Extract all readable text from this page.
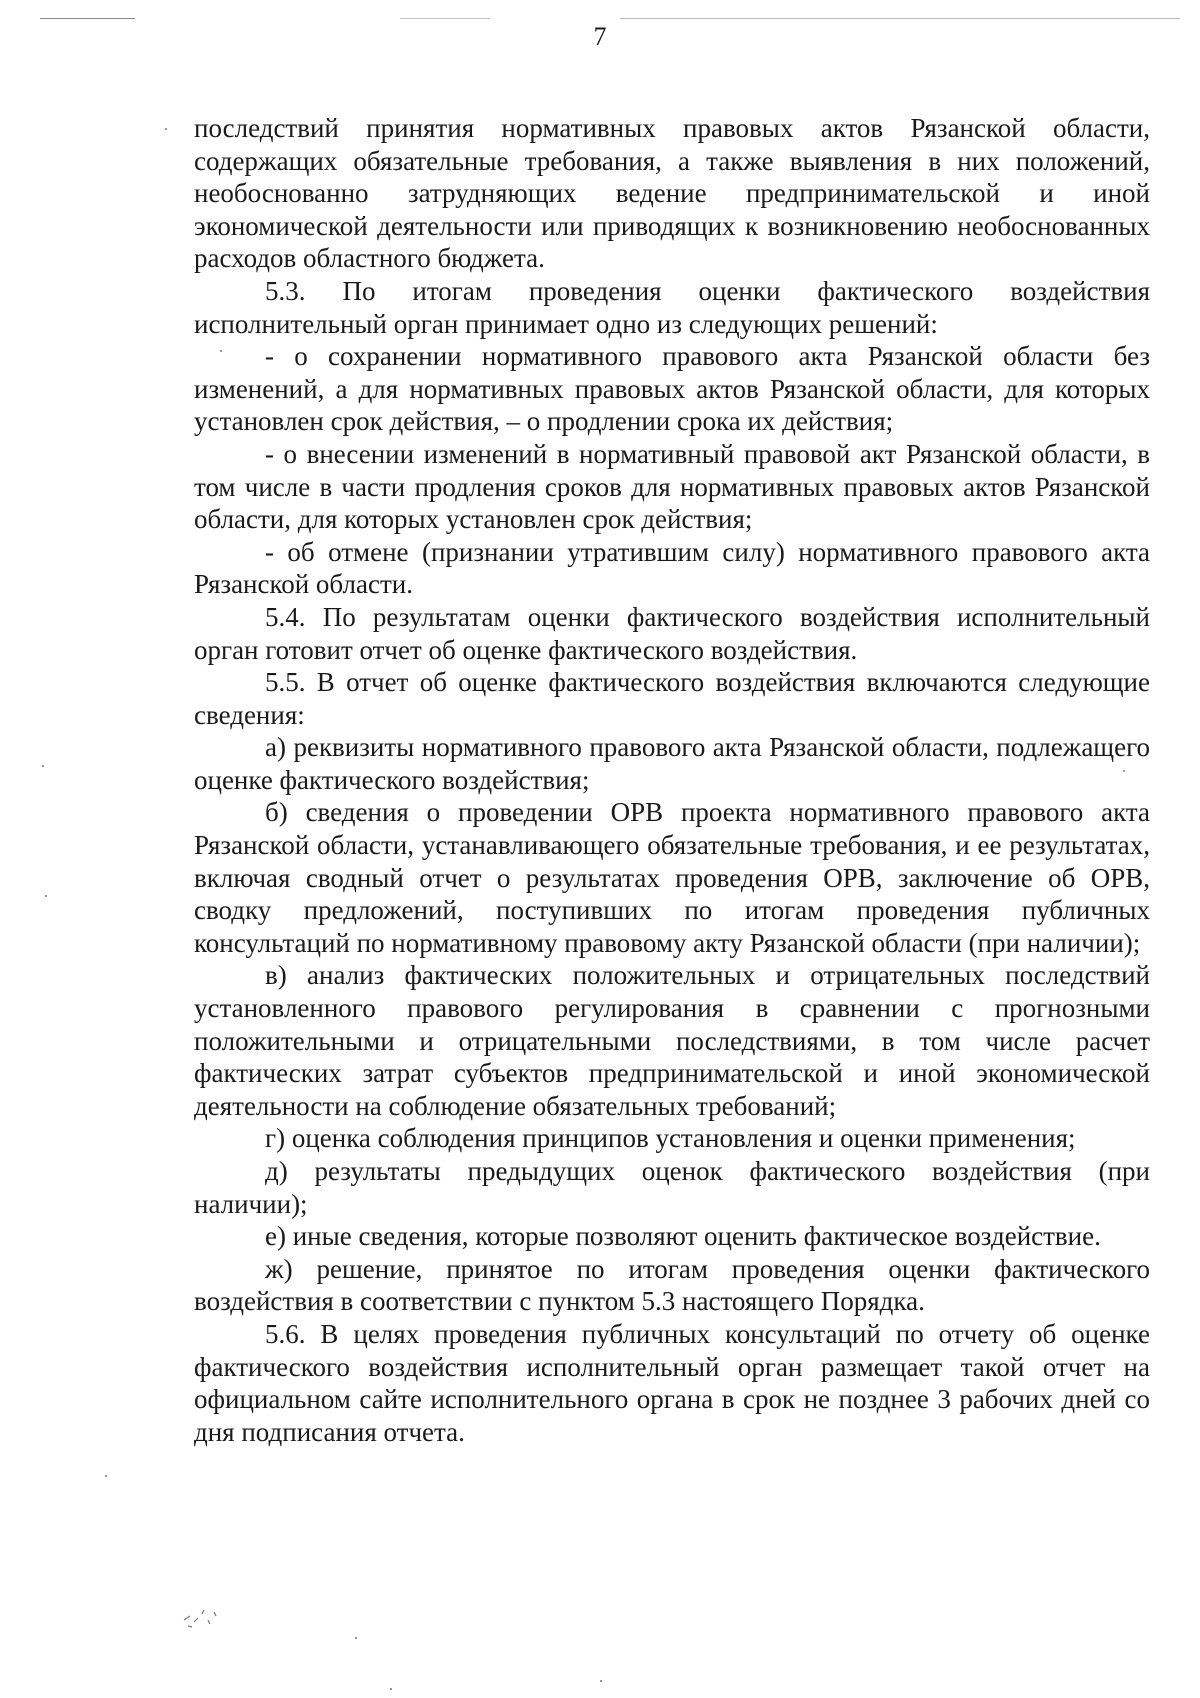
7

последствий принятия нормативных правовых актов Рязанской области, содержащих обязательные требования, а также выявления в них положений, необоснованно затрудняющих ведение предпринимательской и иной экономической деятельности или приводящих к возникновению необоснованных расходов областного бюджета.

5.3. По итогам проведения оценки фактического воздействия исполнительный орган принимает одно из следующих решений:

- о сохранении нормативного правового акта Рязанской области без изменений, а для нормативных правовых актов Рязанской области, для которых установлен срок действия, – о продлении срока их действия;

- о внесении изменений в нормативный правовой акт Рязанской области, в том числе в части продления сроков для нормативных правовых актов Рязанской области, для которых установлен срок действия;

- об отмене (признании утратившим силу) нормативного правового акта Рязанской области.

5.4. По результатам оценки фактического воздействия исполнительный орган готовит отчет об оценке фактического воздействия.

5.5. В отчет об оценке фактического воздействия включаются следующие сведения:

а) реквизиты нормативного правового акта Рязанской области, подлежащего оценке фактического воздействия;

б) сведения о проведении ОРВ проекта нормативного правового акта Рязанской области, устанавливающего обязательные требования, и ее результатах, включая сводный отчет о результатах проведения ОРВ, заключение об ОРВ, сводку предложений, поступивших по итогам проведения публичных консультаций по нормативному правовому акту Рязанской области (при наличии);

в) анализ фактических положительных и отрицательных последствий установленного правового регулирования в сравнении с прогнозными положительными и отрицательными последствиями, в том числе расчет фактических затрат субъектов предпринимательской и иной экономической деятельности на соблюдение обязательных требований;

г) оценка соблюдения принципов установления и оценки применения;

д) результаты предыдущих оценок фактического воздействия (при наличии);

е) иные сведения, которые позволяют оценить фактическое воздействие.

ж) решение, принятое по итогам проведения оценки фактического воздействия в соответствии с пунктом 5.3 настоящего Порядка.

5.6. В целях проведения публичных консультаций по отчету об оценке фактического воздействия исполнительный орган размещает такой отчет на официальном сайте исполнительного органа в срок не позднее 3 рабочих дней со дня подписания отчета.
